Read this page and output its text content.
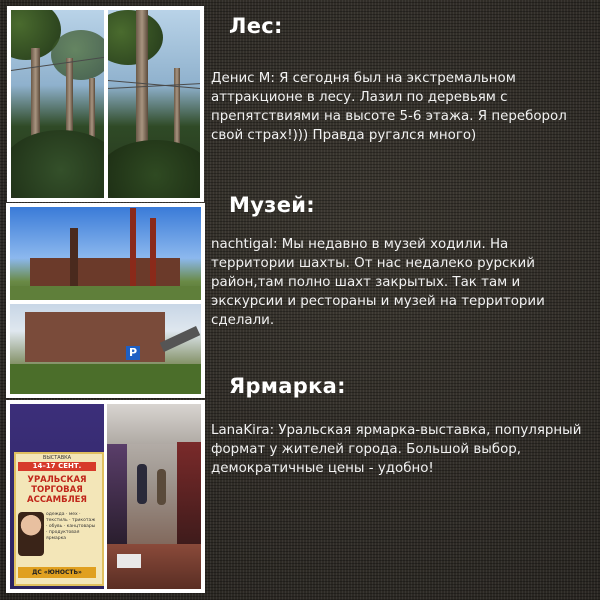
Лес:
Денис М: Я сегодня был на экстремальном аттракционе в лесу. Лазил по деревьям с препятствиями на высоте 5-6 этажа. Я переборол свой страх!))) Правда ругался много)
P
Музей:
nachtigal: Мы недавно в музей ходили. На территории шахты. От нас недалеко рурский район,там полно шахт закрытых. Так там и экскурсии и рестораны и музей на территории сделали.
ВЫСТАВКА
14–17 СЕНТ.
УРАЛЬСКАЯ
ТОРГОВАЯ
АССАМБЛЕЯ
одежда · мех · текстиль · трикотаж · обувь · канцтовары · продуктовая ярмарка
ДС «ЮНОСТЬ»
Ярмарка:
LanaKira: Уральская ярмарка-выставка, популярный формат у жителей города. Большой выбор, демократичные цены - удобно!
